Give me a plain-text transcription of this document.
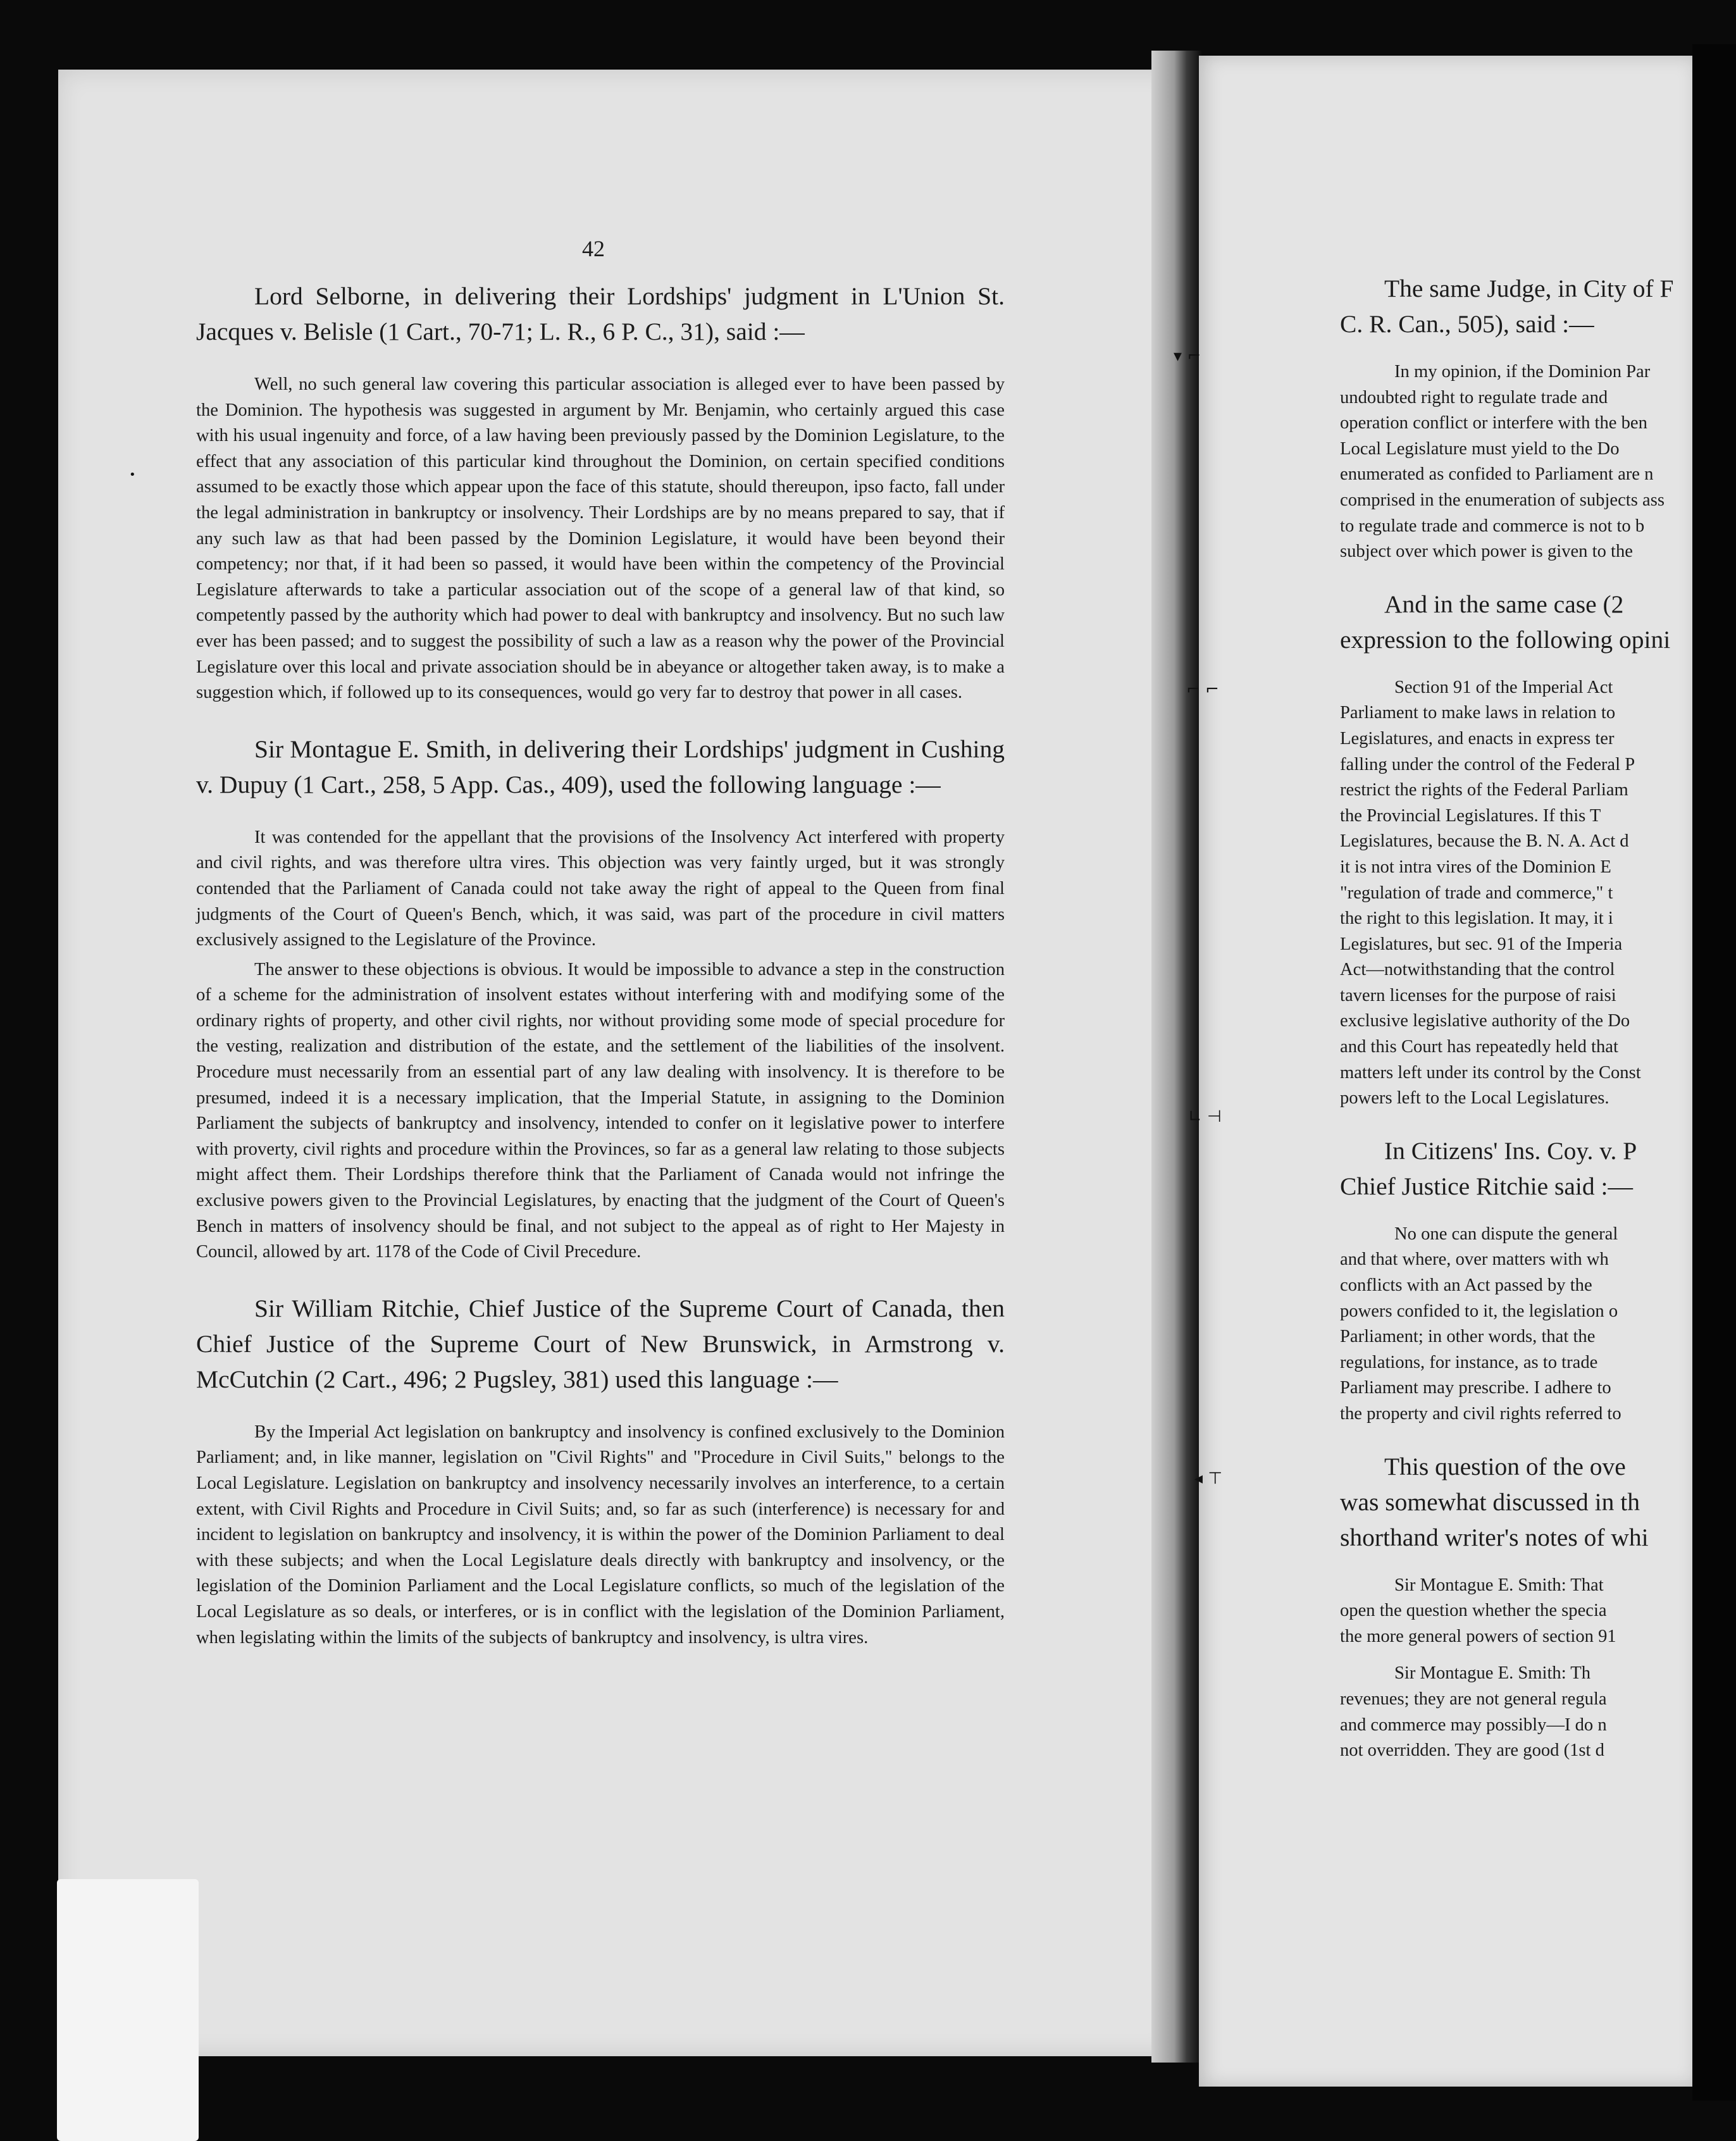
42

Lord Selborne, in delivering their Lordships' judgment in L'Union St. Jacques v. Belisle (1 Cart., 70-71; L. R., 6 P. C., 31), said :—

Well, no such general law covering this particular association is alleged ever to have been passed by the Dominion. The hypothesis was suggested in argument by Mr. Benjamin, who certainly argued this case with his usual ingenuity and force, of a law having been previously passed by the Dominion Legislature, to the effect that any association of this particular kind throughout the Dominion, on certain specified conditions assumed to be exactly those which appear upon the face of this statute, should thereupon, ipso facto, fall under the legal administration in bankruptcy or insolvency. Their Lordships are by no means prepared to say, that if any such law as that had been passed by the Dominion Legislature, it would have been beyond their competency; nor that, if it had been so passed, it would have been within the competency of the Provincial Legislature afterwards to take a particular association out of the scope of a general law of that kind, so competently passed by the authority which had power to deal with bankruptcy and insolvency. But no such law ever has been passed; and to suggest the possibility of such a law as a reason why the power of the Provincial Legislature over this local and private association should be in abeyance or altogether taken away, is to make a suggestion which, if followed up to its consequences, would go very far to destroy that power in all cases.

Sir Montague E. Smith, in delivering their Lordships' judgment in Cushing v. Dupuy (1 Cart., 258, 5 App. Cas., 409), used the following language :—

It was contended for the appellant that the provisions of the Insolvency Act interfered with property and civil rights, and was therefore ultra vires. This objection was very faintly urged, but it was strongly contended that the Parliament of Canada could not take away the right of appeal to the Queen from final judgments of the Court of Queen's Bench, which, it was said, was part of the procedure in civil matters exclusively assigned to the Legislature of the Province.

The answer to these objections is obvious. It would be impossible to advance a step in the construction of a scheme for the administration of insolvent estates without interfering with and modifying some of the ordinary rights of property, and other civil rights, nor without providing some mode of special procedure for the vesting, realization and distribution of the estate, and the settlement of the liabilities of the insolvent. Procedure must necessarily from an essential part of any law dealing with insolvency. It is therefore to be presumed, indeed it is a necessary implication, that the Imperial Statute, in assigning to the Dominion Parliament the subjects of bankruptcy and insolvency, intended to confer on it legislative power to interfere with proverty, civil rights and procedure within the Provinces, so far as a general law relating to those subjects might affect them. Their Lordships therefore think that the Parliament of Canada would not infringe the exclusive powers given to the Provincial Legislatures, by enacting that the judgment of the Court of Queen's Bench in matters of insolvency should be final, and not subject to the appeal as of right to Her Majesty in Council, allowed by art. 1178 of the Code of Civil Precedure.

Sir William Ritchie, Chief Justice of the Supreme Court of Canada, then Chief Justice of the Supreme Court of New Brunswick, in Armstrong v. McCutchin (2 Cart., 496; 2 Pugsley, 381) used this language :—

By the Imperial Act legislation on bankruptcy and insolvency is confined exclusively to the Dominion Parliament; and, in like manner, legislation on "Civil Rights" and "Procedure in Civil Suits," belongs to the Local Legislature. Legislation on bankruptcy and insolvency necessarily involves an interference, to a certain extent, with Civil Rights and Procedure in Civil Suits; and, so far as such (interference) is necessary for and incident to legislation on bankruptcy and insolvency, it is within the power of the Dominion Parliament to deal with these subjects; and when the Local Legislature deals directly with bankruptcy and insolvency, or the legislation of the Dominion Parliament and the Local Legislature conflicts, so much of the legislation of the Local Legislature as so deals, or interferes, or is in conflict with the legislation of the Dominion Parliament, when legislating within the limits of the subjects of bankruptcy and insolvency, is ultra vires.

The same Judge, in City of F
C. R. Can., 505), said :—
In my opinion, if the Dominion Par
undoubted right to regulate trade and
operation conflict or interfere with the ben
Local Legislature must yield to the Do
enumerated as confided to Parliament are n
comprised in the enumeration of subjects ass
to regulate trade and commerce is not to b
subject over which power is given to the
And in the same case (2
expression to the following opini
Section 91 of the Imperial Act
Parliament to make laws in relation to
Legislatures, and enacts in express ter
falling under the control of the Federal P
restrict the rights of the Federal Parliam
the Provincial Legislatures. If this T
Legislatures, because the B. N. A. Act d
it is not intra vires of the Dominion E
"regulation of trade and commerce," t
the right to this legislation. It may, it i
Legislatures, but sec. 91 of the Imperia
Act—notwithstanding that the control
tavern licenses for the purpose of raisi
exclusive legislative authority of the Do
and this Court has repeatedly held that
matters left under its control by the Const
powers left to the Local Legislatures.
In Citizens' Ins. Coy. v. P
Chief Justice Ritchie said :—
No one can dispute the general
and that where, over matters with wh
conflicts with an Act passed by the
powers confided to it, the legislation o
Parliament; in other words, that the
regulations, for instance, as to trade
Parliament may prescribe. I adhere to
the property and civil rights referred to
This question of the ove
was somewhat discussed in th
shorthand writer's notes of whi
Sir Montague E. Smith: That
open the question whether the specia
the more general powers of section 91
Sir Montague E. Smith: Th
revenues; they are not general regula
and commerce may possibly—I do n
not overridden. They are good (1st d
▾ ⌐
⌐ ⌐
∟ ⊣
◂ ⊤
•
